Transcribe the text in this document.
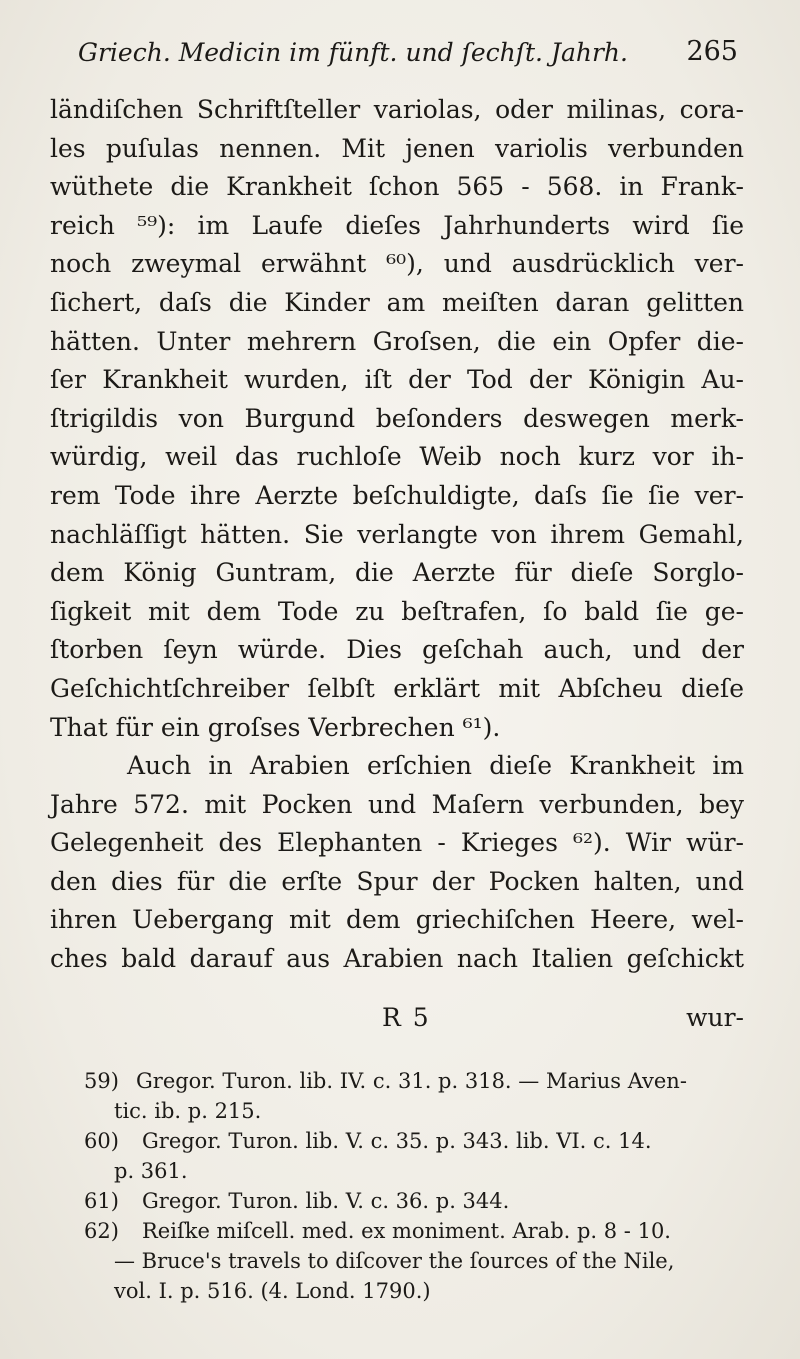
Griech. Medicin im fünft. und ſechſt. Jahrh. 265
ländiſchen Schriftſteller variolas, oder milinas, cora-
les puſulas nennen. Mit jenen variolis verbunden
wüthete die Krankheit ſchon 565 - 568. in Frank-
reich ⁵⁹): im Laufe dieſes Jahrhunderts wird ſie
noch zweymal erwähnt ⁶⁰), und ausdrücklich ver-
ſichert, daſs die Kinder am meiſten daran gelitten
hätten. Unter mehrern Groſsen, die ein Opfer die-
ſer Krankheit wurden, iſt der Tod der Königin Au-
ſtrigildis von Burgund beſonders deswegen merk-
würdig, weil das ruchloſe Weib noch kurz vor ih-
rem Tode ihre Aerzte beſchuldigte, daſs ſie ſie ver-
nachläſſigt hätten. Sie verlangte von ihrem Gemahl,
dem König Guntram, die Aerzte für dieſe Sorglo-
ſigkeit mit dem Tode zu beſtrafen, ſo bald ſie ge-
ſtorben ſeyn würde. Dies geſchah auch, und der
Geſchichtſchreiber ſelbſt erklärt mit Abſcheu dieſe
That für ein groſses Verbrechen ⁶¹).
Auch in Arabien erſchien dieſe Krankheit im
Jahre 572. mit Pocken und Maſern verbunden, bey
Gelegenheit des Elephanten - Krieges ⁶²). Wir wür-
den dies für die erſte Spur der Pocken halten, und
ihren Uebergang mit dem griechiſchen Heere, wel-
ches bald darauf aus Arabien nach Italien geſchickt
R 5	wur-
59) Gregor. Turon. lib. IV. c. 31. p. 318. — Marius Aven-
tic. ib. p. 215.
60) Gregor. Turon. lib. V. c. 35. p. 343. lib. VI. c. 14.
p. 361.
61) Gregor. Turon. lib. V. c. 36. p. 344.
62) Reiſke miſcell. med. ex moniment. Arab. p. 8 - 10.
— Bruce's travels to diſcover the ſources of the Nile,
vol. I. p. 516. (4. Lond. 1790.)
